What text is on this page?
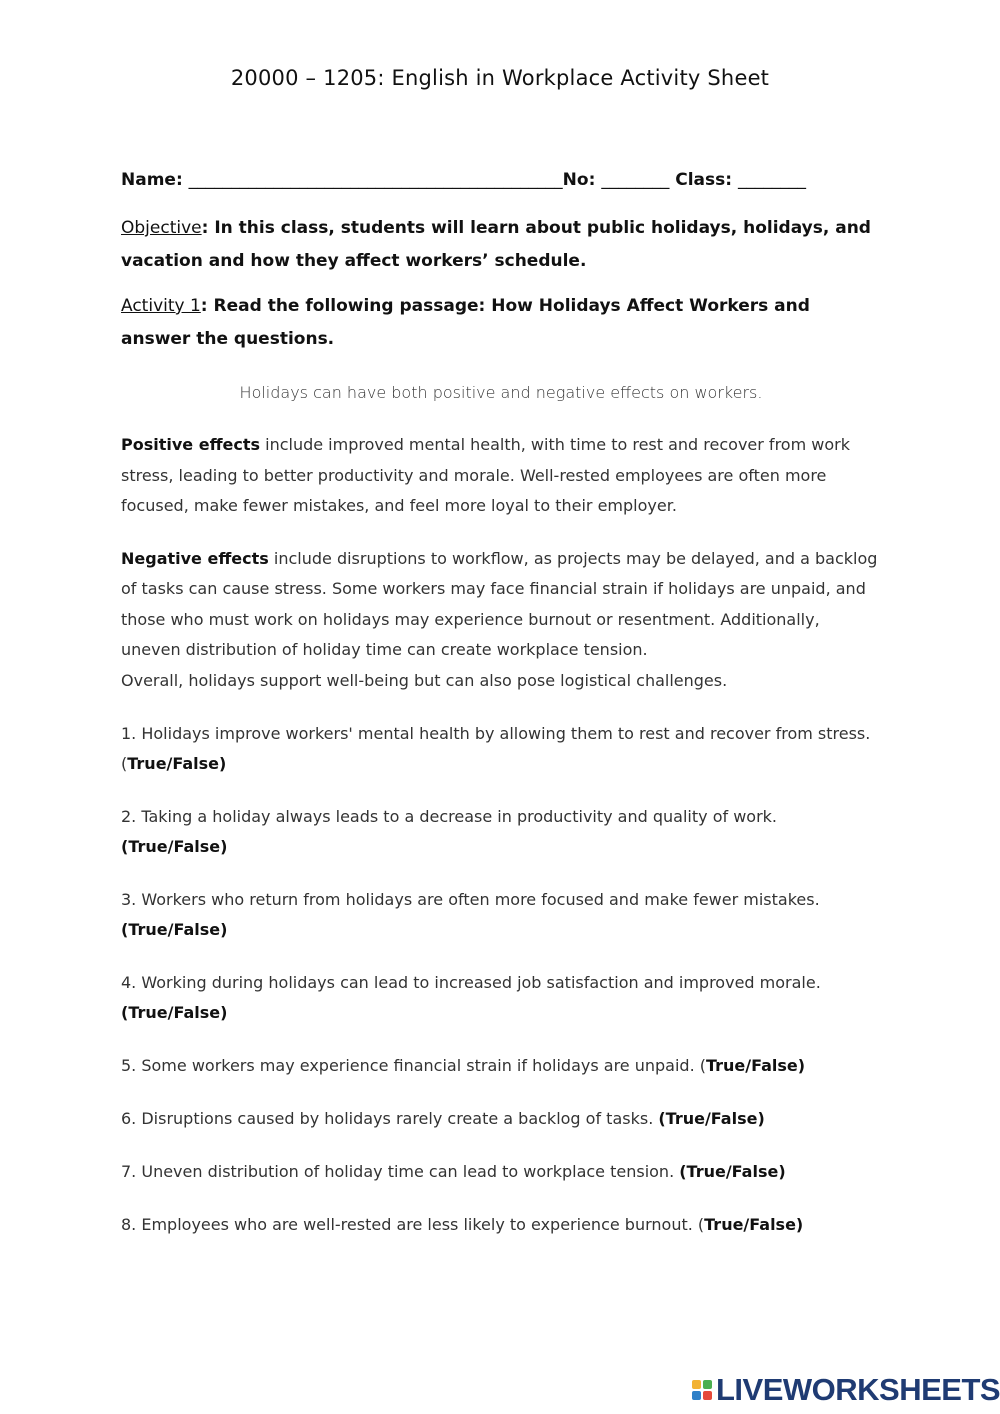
20000 – 1205: English in Workplace Activity Sheet
Name: ____________________________________________No: ________ Class: ________
Objective: In this class, students will learn about public holidays, holidays, and vacation and how they affect workers’ schedule.
Activity 1: Read the following passage: How Holidays Affect Workers and answer the questions.
Holidays can have both positive and negative effects on workers.
Positive effects include improved mental health, with time to rest and recover from work stress, leading to better productivity and morale. Well-rested employees are often more focused, make fewer mistakes, and feel more loyal to their employer.
Negative effects include disruptions to workflow, as projects may be delayed, and a backlog of tasks can cause stress. Some workers may face financial strain if holidays are unpaid, and those who must work on holidays may experience burnout or resentment. Additionally, uneven distribution of holiday time can create workplace tension.
Overall, holidays support well-being but can also pose logistical challenges.
1. Holidays improve workers' mental health by allowing them to rest and recover from stress. (True/False)
2. Taking a holiday always leads to a decrease in productivity and quality of work.
(True/False)
3. Workers who return from holidays are often more focused and make fewer mistakes.
(True/False)
4. Working during holidays can lead to increased job satisfaction and improved morale.
(True/False)
5. Some workers may experience financial strain if holidays are unpaid. (True/False)
6. Disruptions caused by holidays rarely create a backlog of tasks. (True/False)
7. Uneven distribution of holiday time can lead to workplace tension. (True/False)
8. Employees who are well-rested are less likely to experience burnout. (True/False)
LIVEWORKSHEETS
